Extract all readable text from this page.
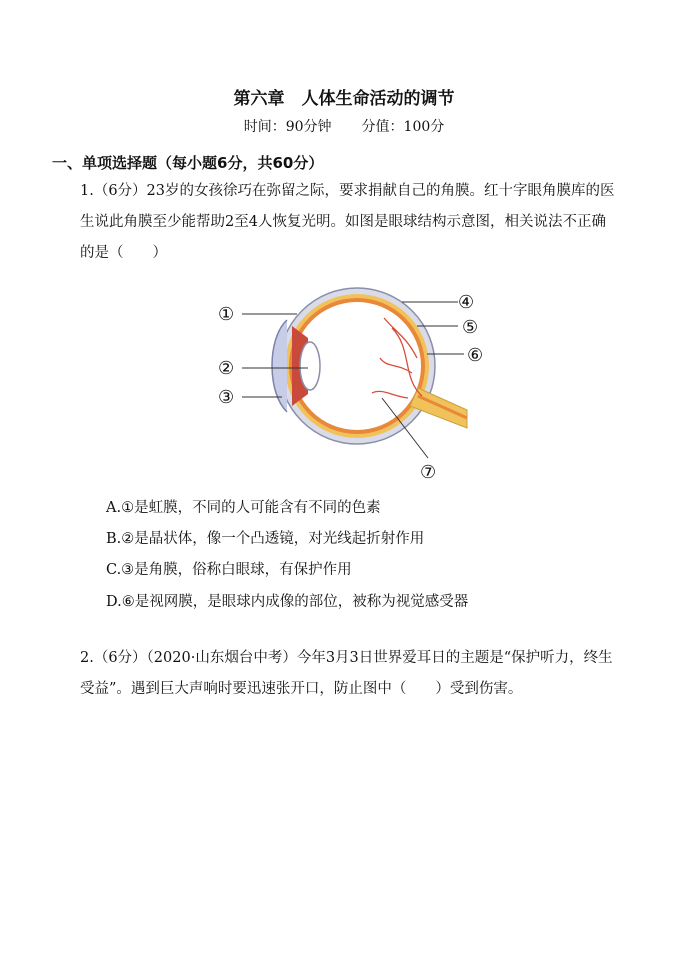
第六章　人体生命活动的调节
时间：90分钟 分值：100分
一、单项选择题（每小题6分，共60分）
1.（6分）23岁的女孩徐巧在弥留之际，要求捐献自己的角膜。红十字眼角膜库的医生说此角膜至少能帮助2至4人恢复光明。如图是眼球结构示意图，相关说法不正确的是（　　）
①
②
③
④
⑤
⑥
⑦
A.①是虹膜，不同的人可能含有不同的色素
B.②是晶状体，像一个凸透镜，对光线起折射作用
C.③是角膜，俗称白眼球，有保护作用
D.⑥是视网膜，是眼球内成像的部位，被称为视觉感受器
2.（6分）（2020·山东烟台中考）今年3月3日世界爱耳日的主题是“保护听力，终生受益”。遇到巨大声响时要迅速张开口，防止图中（　　）受到伤害。
